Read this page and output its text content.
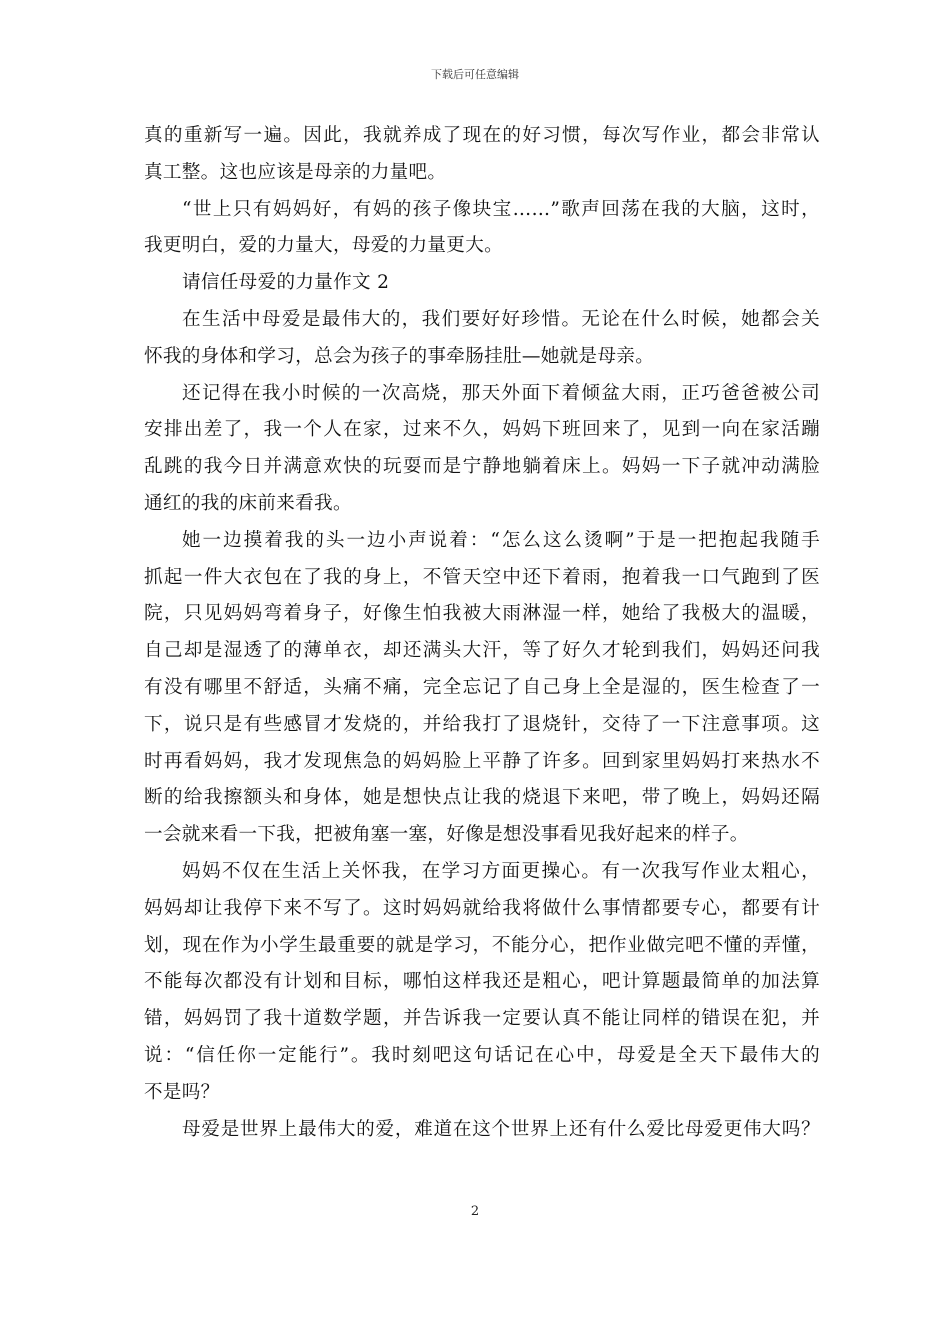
下载后可任意编辑
真的重新写一遍。因此，我就养成了现在的好习惯，每次写作业，都会非常认
真工整。这也应该是母亲的力量吧。
“世上只有妈妈好，有妈的孩子像块宝……”歌声回荡在我的大脑，这时，
我更明白，爱的力量大，母爱的力量更大。
请信任母爱的力量作文 2
在生活中母爱是最伟大的，我们要好好珍惜。无论在什么时候，她都会关
怀我的身体和学习，总会为孩子的事牵肠挂肚—她就是母亲。
还记得在我小时候的一次高烧，那天外面下着倾盆大雨，正巧爸爸被公司
安排出差了，我一个人在家，过来不久，妈妈下班回来了，见到一向在家活蹦
乱跳的我今日并满意欢快的玩耍而是宁静地躺着床上。妈妈一下子就冲动满脸
通红的我的床前来看我。
她一边摸着我的头一边小声说着：“怎么这么烫啊”于是一把抱起我随手
抓起一件大衣包在了我的身上，不管天空中还下着雨，抱着我一口气跑到了医
院，只见妈妈弯着身子，好像生怕我被大雨淋湿一样，她给了我极大的温暖，
自己却是湿透了的薄单衣，却还满头大汗，等了好久才轮到我们，妈妈还问我
有没有哪里不舒适，头痛不痛，完全忘记了自己身上全是湿的，医生检查了一
下，说只是有些感冒才发烧的，并给我打了退烧针，交待了一下注意事项。这
时再看妈妈，我才发现焦急的妈妈脸上平静了许多。回到家里妈妈打来热水不
断的给我擦额头和身体，她是想快点让我的烧退下来吧，带了晚上，妈妈还隔
一会就来看一下我，把被角塞一塞，好像是想没事看见我好起来的样子。
妈妈不仅在生活上关怀我，在学习方面更操心。有一次我写作业太粗心，
妈妈却让我停下来不写了。这时妈妈就给我将做什么事情都要专心，都要有计
划，现在作为小学生最重要的就是学习，不能分心，把作业做完吧不懂的弄懂，
不能每次都没有计划和目标，哪怕这样我还是粗心，吧计算题最简单的加法算
错，妈妈罚了我十道数学题，并告诉我一定要认真不能让同样的错误在犯，并
说：“信任你一定能行”。我时刻吧这句话记在心中，母爱是全天下最伟大的
不是吗？
母爱是世界上最伟大的爱，难道在这个世界上还有什么爱比母爱更伟大吗？
2
